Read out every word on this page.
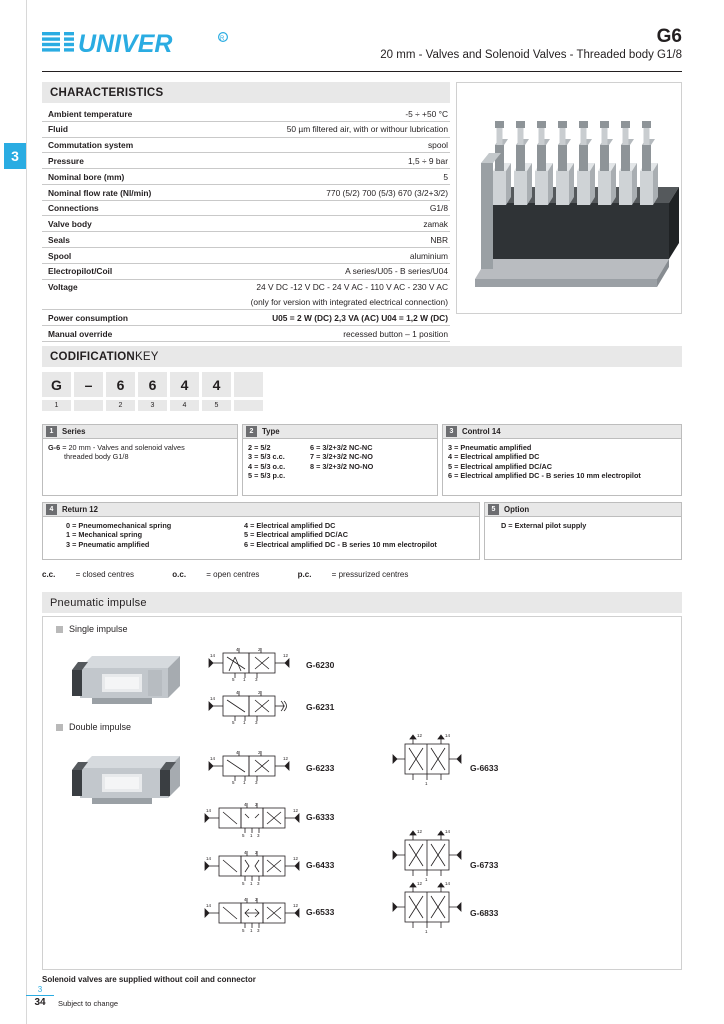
3
UNIVER	R	G6
20 mm - Valves and Solenoid Valves - Threaded body G1/8
CHARACTERISTICS
Ambient temperature	-5 ÷ +50 °C
Fluid	50 µm filtered air, with or withour lubrication
Commutation system	spool
Pressure	1,5 ÷ 9 bar
Nominal bore (mm)	5
Nominal flow rate (Nl/min)	770 (5/2) 700 (5/3) 670 (3/2+3/2)
Connections	G1/8
Valve body	zamak
Seals	NBR
Spool	aluminium
Electropilot/Coil	A series/U05 - B series/U04
Voltage	24 V DC -12 V DC - 24 V AC - 110 V AC - 230 V AC
(only for version with integrated electrical connection)
Power consumption	U05 = 2 W (DC) 2,3 VA (AC) U04 = 1,2 W (DC)
Manual override	recessed button – 1 position
CODIFICATION KEY
G	–	6	6	4	4
1	2	3	4	5
1	Series
G-6 = 20 mm - Valves and solenoid valves
threaded body G1/8
2	Type
2 = 5/2
3 = 5/3 c.c.
4 = 5/3 o.c.
5 = 5/3 p.c.
6 = 3/2+3/2 NC-NC
7 = 3/2+3/2 NC-NO
8 = 3/2+3/2 NO-NO
3	Control 14
3 = Pneumatic amplified
4 = Electrical amplified DC
5 = Electrical amplified DC/AC
6 = Electrical amplified DC - B series 10 mm electropilot
4	Return 12
0 = Pneumomechanical spring
1 = Mechanical spring
3 = Pneumatic amplified
4 = Electrical amplified DC
5 = Electrical amplified DC/AC
6 = Electrical amplified DC - B series 10 mm electropilot
5	Option
D = External pilot supply
c.c. = closed centres	o.c. = open centres	p.c. = pressurized centres
Pneumatic impulse
Single impulse
Double impulse
14	12
4	2
5 1 3
G-6230
14
4	2
5 1 3
G-6231
14	12
4	2
5 1 3
G-6233
14	12
4 2
5 1 3
G-6333
14	12
4 2
5 1 3
G-6433
14	12
4 2
5 1 3
G-6533
12	14
1
G-6633
12	14
1
G-6733
12	14
1
G-6833
Solenoid valves are supplied without coil and connector
3
34	Subject to change
